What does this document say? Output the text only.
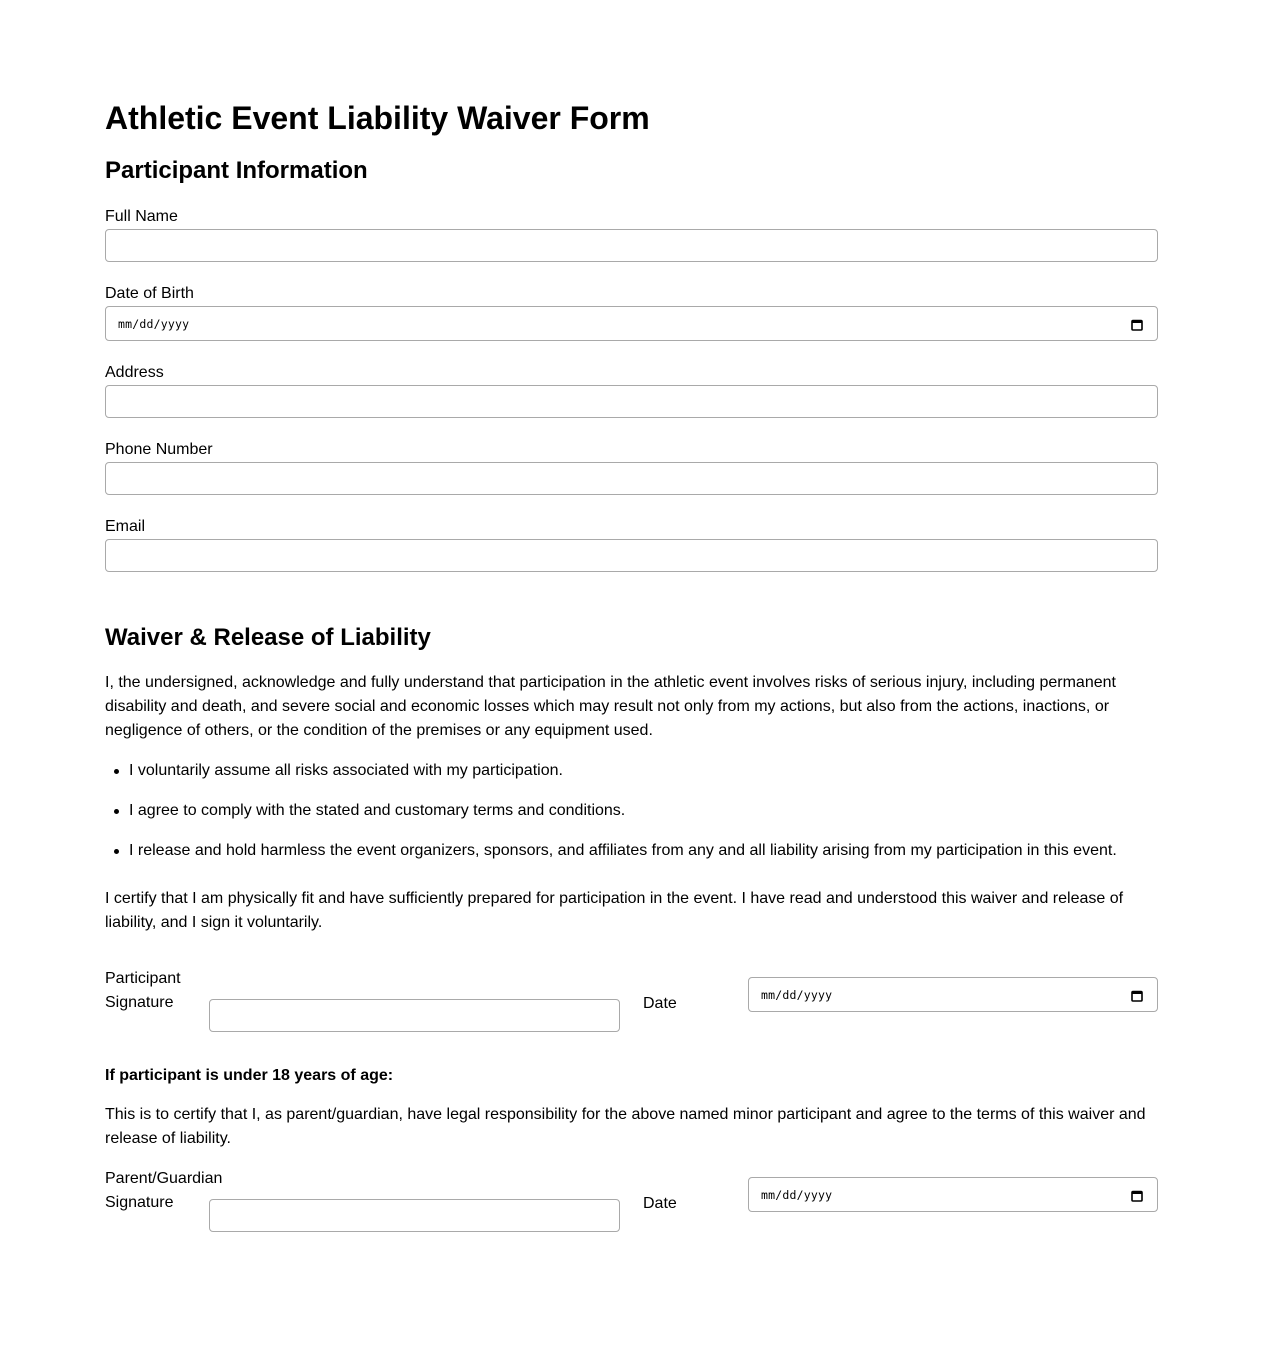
Athletic Event Liability Waiver Form
Participant Information
Full Name
Date of Birth
mm/dd/yyyy
Address
Phone Number
Email
Waiver & Release of Liability

I, the undersigned, acknowledge and fully understand that participation in the athletic event involves risks of serious injury, including permanent disability and death, and severe social and economic losses which may result not only from my actions, but also from the actions, inactions, or negligence of others, or the condition of the premises or any equipment used.

I voluntarily assume all risks associated with my participation.
I agree to comply with the stated and customary terms and conditions.
I release and hold harmless the event organizers, sponsors, and affiliates from any and all liability arising from my participation in this event.

I certify that I am physically fit and have sufficiently prepared for participation in the event. I have read and understood this waiver and release of liability, and I sign it voluntarily.

Participant
Signature	Date
mm/dd/yyyy
If participant is under 18 years of age:

This is to certify that I, as parent/guardian, have legal responsibility for the above named minor participant and agree to the terms of this waiver and release of liability.

Parent/Guardian
Signature	Date
mm/dd/yyyy
